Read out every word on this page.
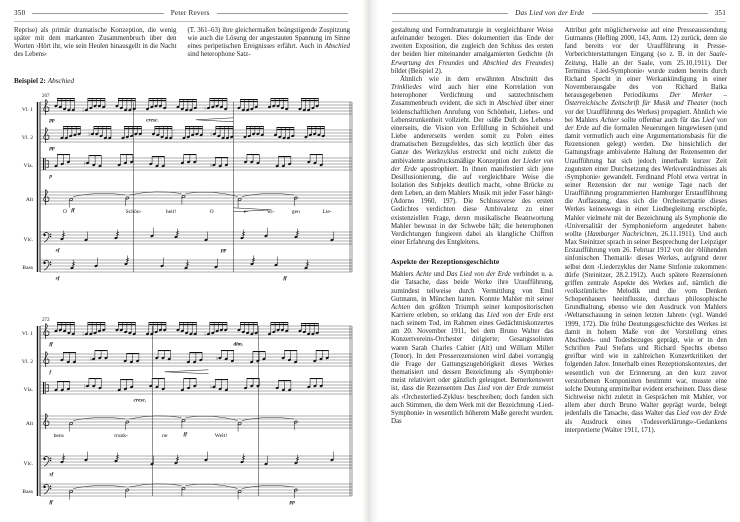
350	Peter Revers
Reprise) als primär dramatische Konzeption, die wenig später mit dem markanten Zusammenbruch über den Worten ›Hört ihr, wie sein Heulen hinausgellt in die Nacht des Lebens‹
(T. 361–63) ihre gleichermaßen beängstigende Zuspitzung wie auch die Lösung der angestauten Spannung im Sinne eines peripetischen Ereignisses erfährt. Auch in Abschied sind heterophone Satz-
Beispiel 2: Abschied
267
Vl. 1	♭	♭
Vl. 2	♭	♭
Vla.	♭	♭
Alt
Vlc.
Bass
pp	cresc.
pp
p
ff
sf	pp
sf	ff
O	Schön-	heit!	O	e-	wi-	gen	Lie-
272
Vl. 1	♭	♭
Vl. 2	♭	♭
Vla.	♭	♭
Alt
Vlc.
Bass
ff	dim.
f
cresc.
ff
sf
ff	pp
bens	trunk-	ne	Welt!
Das Lied von der Erde	351
gestaltung und Formdramaturgie in vergleichbarer Weise aufeinander bezogen. Dies dokumentiert das Ende der zweiten Exposition, die zugleich den Schluss des ersten der beiden hier miteinander amalgamierten Gedichte (In Erwartung des Freundes und Abschied des Freundes) bildet (Beispiel 2).
Ähnlich wie in dem erwähnten Abschnitt des Trinkliedes wird auch hier eine Korrelation von heterophoner Verdichtung und satztechnischem Zusammenbruch evident, die sich in Abschied über einer leidenschaftlichen Anrufung von Schönheit, Liebes- und Lebenstrunkenheit vollzieht. Der ›süße Duft des Lebens‹ einerseits, die Vision von Erfüllung in Schönheit und Liebe andererseits werden somit zu Polen eines dramatischen Bezugsfeldes, das sich letztlich über das Ganze des Werkzyklus erstreckt und nicht zuletzt die ambivalente ausdrucksmäßige Konzeption der Lieder von der Erde apostrophiert. In ihnen manifestiert sich jene Desillusionierung, die auf vergleichbare Weise die Isolation des Subjekts deutlich macht, ›ohne Brücke zu dem Leben, an dem Mahlers Musik mit jeder Faser hängt‹ (Adorno 1960, 197). Die Schlussverse des ersten Gedichtes verdichten diese Ambivalenz zu einer existenziellen Frage, deren musikalische Beantwortung Mahler bewusst in der Schwebe hält; die heterophonen Verdichtungen fungieren dabei als klangliche Chiffren einer Erfahrung des Entgleitens.
Aspekte der Rezeptionsgeschichte
Mahlers Achte und Das Lied von der Erde verbindet u. a. die Tatsache, dass beide Werke ihre Uraufführung, zumindest teilweise durch Vermittlung von Emil Gutmann, in München hatten. Konnte Mahler mit seiner Achten den größten Triumph seiner kompositorischen Karriere erleben, so erklang das Lied von der Erde erst nach seinem Tod, im Rahmen eines Gedächtniskonzertes am 20. November 1911, bei dem Bruno Walter das Konzertvereins-Orchester dirigierte; Gesangssolisten waren Sarah Charles Cahier (Alt) und William Miller (Tenor). In den Presserezensionen wird dabei vorrangig die Frage der Gattungszugehörigkeit dieses Werkes thematisiert und dessen Bezeichnung als ›Symphonie‹ meist relativiert oder gänzlich geleugnet. Bemerkenswert ist, dass die Rezensenten Das Lied von der Erde zumeist als ›Orchesterlied-Zyklus‹ beschreiben; doch fanden sich auch Stimmen, die dem Werk mit der Bezeichnung ›Lied-Symphonie‹ in wesentlich höherem Maße gerecht wurden. Das
Attribut geht möglicherweise auf eine Presseaussendung Gutmanns (Hefling 2000, 143, Anm. 12) zurück, denn sie fand bereits vor der Uraufführung in Presse-Vorberichterstattungen Eingang (so z. B. in der Saale-Zeitung, Halle an der Saale, vom 25.10.1911). Der Terminus ›Lied-Symphonie‹ wurde zudem bereits durch Richard Specht in einer Werkankündigung in einer Novemberausgabe des von Richard Batka herausgegebenen Periodikums Der Merker – Österreichische Zeitschrift für Musik und Theater (noch vor der Uraufführung des Werkes) propagiert. Ähnlich wie bei Mahlers Achter sollte offenbar auch für das Lied von der Erde auf die formalen Neuerungen hingewiesen (und damit vermutlich auch eine Argumentationsbasis für die Rezensionen gelegt) werden. Die hinsichtlich der Gattungsfrage ambivalente Haltung der Rezensenten der Uraufführung hat sich jedoch innerhalb kurzer Zeit zugunsten einer Durchsetzung des Werkverständnisses als ›Symphonie‹ gewandelt. Ferdinand Pfohl etwa vertrat in seiner Rezension der nur wenige Tage nach der Uraufführung programmierten Hamburger Erstaufführung die Auffassung, dass sich die Orchesterpartie dieses Werkes keineswegs in einer Liedbegleitung erschöpfe, Mahler vielmehr mit der Bezeichnung als Symphonie die ›Universalität der Symphonieform angedeutet haben‹ wollte (Hamburger Nachrichten, 26.11.1911). Und auch Max Steinitzer sprach in seiner Besprechung der Leipziger Erstaufführung vom 26. Februar 1912 von der ›blühenden sinfonischen Thematik‹ dieses Werkes, aufgrund derer selbst dem ›Liederzyklus der Name Sinfonie zukommen‹ dürfe (Steinitzer, 28.2.1912). Auch spätere Rezensionen griffen zentrale Aspekte des Werkes auf, nämlich die ›volkstümliche‹ Melodik und die vom Denken Schopenhauers beeinflusste, durchaus philosophische Grundhaltung, ebenso wie den Ausdruck von Mahlers ›Weltanschauung in seinen letzten Jahren‹ (vgl. Wandel 1999, 172). Die frühe Deutungsgeschichte des Werkes ist damit in hohem Maße von der Vorstellung eines Abschieds- und Todesbezuges geprägt, wie er in den Schriften Paul Stefans und Richard Spechts ebenso greifbar wird wie in zahlreichen Konzertkritiken der folgenden Jahre. Innerhalb eines Rezeptionskontextes, der wesentlich von der Erinnerung an den kurz zuvor verstorbenen Komponisten bestimmt war, musste eine solche Deutung unmittelbar evident erscheinen. Dass diese Sichtweise nicht zuletzt in Gesprächen mit Mahler, vor allem aber durch Bruno Walter geprägt wurde, belegt jedenfalls die Tatsache, dass Walter das Lied von der Erde als Ausdruck eines ›Todesverklärungs‹-Gedankens interpretierte (Walter 1911, 171).
